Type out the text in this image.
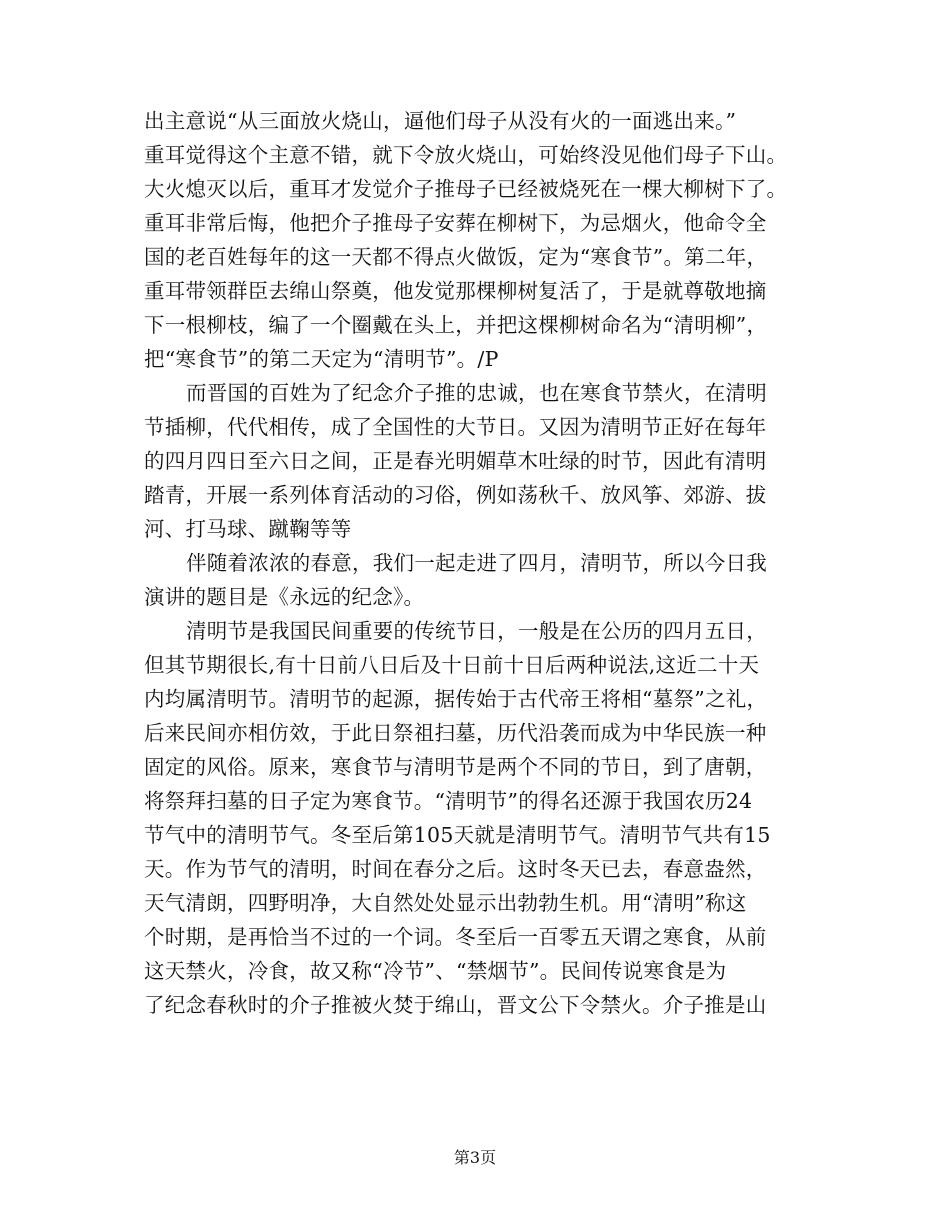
出主意说“从三面放火烧山，逼他们母子从没有火的一面逃出来。”
重耳觉得这个主意不错，就下令放火烧山，可始终没见他们母子下山。
大火熄灭以后，重耳才发觉介子推母子已经被烧死在一棵大柳树下了。
重耳非常后悔，他把介子推母子安葬在柳树下，为忌烟火，他命令全
国的老百姓每年的这一天都不得点火做饭，定为“寒食节”。第二年，
重耳带领群臣去绵山祭奠，他发觉那棵柳树复活了，于是就尊敬地摘
下一根柳枝，编了一个圈戴在头上，并把这棵柳树命名为“清明柳”，
把“寒食节”的第二天定为“清明节”。/P
而晋国的百姓为了纪念介子推的忠诚，也在寒食节禁火，在清明
节插柳，代代相传，成了全国性的大节日。又因为清明节正好在每年
的四月四日至六日之间，正是春光明媚草木吐绿的时节，因此有清明
踏青，开展一系列体育活动的习俗，例如荡秋千、放风筝、郊游、拔
河、打马球、蹴鞠等等
伴随着浓浓的春意，我们一起走进了四月，清明节，所以今日我
演讲的题目是《永远的纪念》。
清明节是我国民间重要的传统节日，一般是在公历的四月五日，
但其节期很长,有十日前八日后及十日前十日后两种说法,这近二十天
内均属清明节。清明节的起源，据传始于古代帝王将相“墓祭”之礼，
后来民间亦相仿效，于此日祭祖扫墓，历代沿袭而成为中华民族一种
固定的风俗。原来，寒食节与清明节是两个不同的节日，到了唐朝，
将祭拜扫墓的日子定为寒食节。“清明节”的得名还源于我国农历24
节气中的清明节气。冬至后第105天就是清明节气。清明节气共有15
天。作为节气的清明，时间在春分之后。这时冬天已去，春意盎然，
天气清朗，四野明净，大自然处处显示出勃勃生机。用“清明”称这
个时期，是再恰当不过的一个词。冬至后一百零五天谓之寒食，从前
这天禁火，冷食，故又称“冷节”、“禁烟节”。民间传说寒食是为
了纪念春秋时的介子推被火焚于绵山，晋文公下令禁火。介子推是山
第3页
